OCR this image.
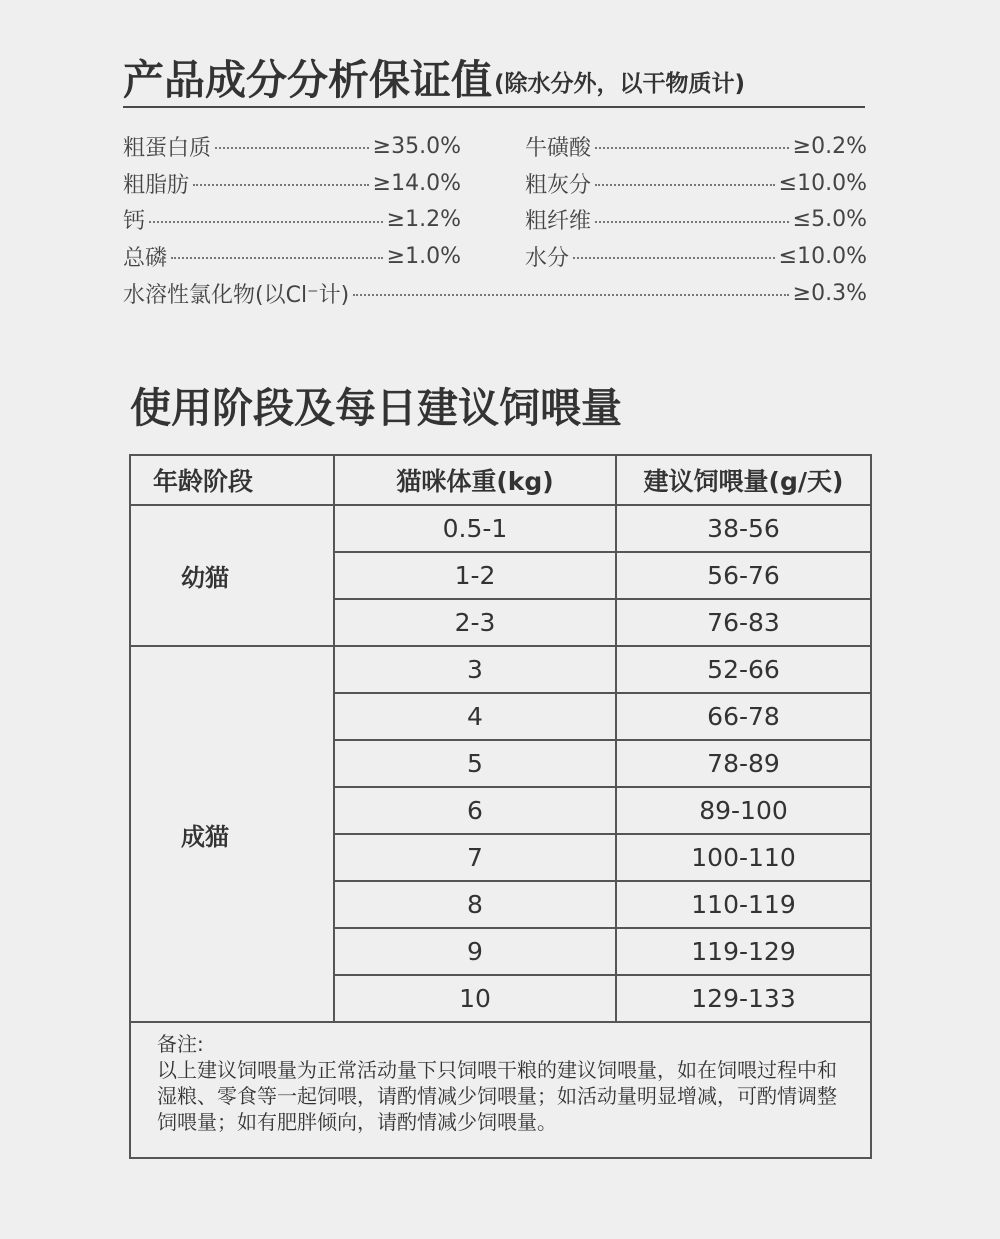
产品成分分析保证值 (除水分外，以干物质计)
粗蛋白质	≥35.0%	牛磺酸	≥0.2%
粗脂肪	≥14.0%	粗灰分	≤10.0%
钙	≥1.2%	粗纤维	≤5.0%
总磷	≥1.0%	水分	≤10.0%
水溶性氯化物(以Cl⁻计)	≥0.3%
使用阶段及每日建议饲喂量
年龄阶段	猫咪体重(kg)	建议饲喂量(g/天)
幼猫	0.5-1	38-56
	1-2	56-76
	2-3	76-83
成猫	3	52-66
	4	66-78
	5	78-89
	6	89-100
	7	100-110
	8	110-119
	9	119-129
	10	129-133

备注:
以上建议饲喂量为正常活动量下只饲喂干粮的建议饲喂量，如在饲喂过程中和湿粮、零食等一起饲喂，请酌情减少饲喂量；如活动量明显增减，可酌情调整饲喂量；如有肥胖倾向，请酌情减少饲喂量。		
